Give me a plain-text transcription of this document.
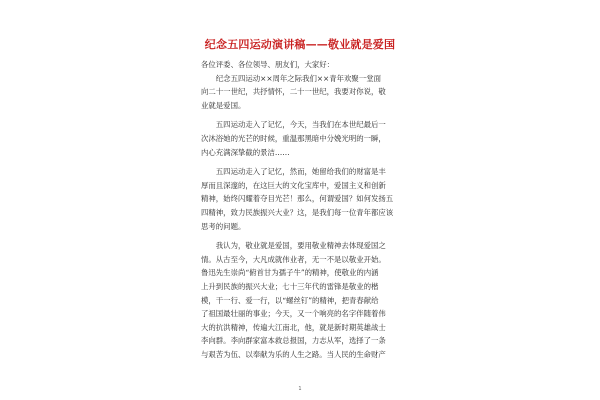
纪念五四运动演讲稿——敬业就是爱国
各位评委、各位领导、朋友们，大家好：
　　纪念五四运动××周年之际我们××青年欢聚一堂面
向二十一世纪，共抒情怀，二十一世纪，我要对你说，敬
业就是爱国。
　　五四运动走入了记忆，今天，当我们在本世纪最后一
次沐浴她的光芒的时候，重温那黑暗中分娩光明的一瞬，
内心充满深挚截的景洁……
　　五四运动走入了记忆，然而，她留给我们的财富是丰
厚而且深邃的，在这巨大的文化宝库中，爱国主义和创新
精神，始终闪耀着夺目光芒！那么，何谓爱国？如何发扬五
四精神，致力民族振兴大业？这，是我们每一位青年都应该
思考的问题。
　　我认为，敬业就是爱国，要用敬业精神去体现爱国之
情。从古至今，大凡成就伟业者，无一不是以敬业开始。
鲁迅先生崇尚“俯首甘为孺子牛”的精神，使敬业的内涵
上升到民族的振兴大业；七十三年代的雷锋是敬业的楷
模，干一行、爱一行，以“螺丝钉”的精神，把青春献给
了祖国最壮丽的事业；今天，又一个响亮的名字伴随着伟
大的抗洪精神，传遍大江南北，他，就是新时期英雄战士
李向群。李向群家富本救总报国，力志从军，选择了一条
与艰苦为伍、以奉献为乐的人生之路。当人民的生命财产
1
